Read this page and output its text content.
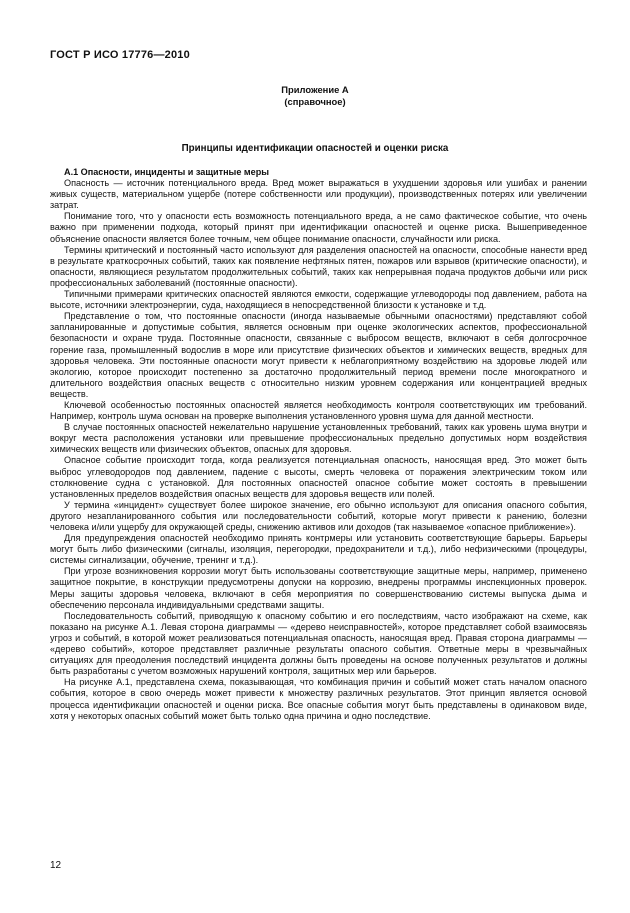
ГОСТ Р ИСО 17776—2010
Приложение А
(справочное)
Принципы идентификации опасностей и оценки риска

А.1 Опасности, инциденты и защитные меры

Опасность — источник потенциального вреда. Вред может выражаться в ухудшении здоровья или ушибах и ранении живых существ, материальном ущербе (потере собственности или продукции), производственных потерях или увеличении затрат.

Понимание того, что у опасности есть возможность потенциального вреда, а не само фактическое событие, что очень важно при применении подхода, который принят при идентификации опасностей и оценке риска. Вышеприведенное объяснение опасности является более точным, чем общее понимание опасности, случайности или риска.

Термины критический и постоянный часто используют для разделения опасностей на опасности, способные нанести вред в результате краткосрочных событий, таких как появление нефтяных пятен, пожаров или взрывов (критические опасности), и опасности, являющиеся результатом продолжительных событий, таких как непрерывная подача продуктов добычи или риск профессиональных заболеваний (постоянные опасности).

Типичными примерами критических опасностей являются емкости, содержащие углеводороды под давлением, работа на высоте, источники электроэнергии, суда, находящиеся в непосредственной близости к установке и т.д.

Представление о том, что постоянные опасности (иногда называемые обычными опасностями) представляют собой запланированные и допустимые события, является основным при оценке экологических аспектов, профессиональной безопасности и охране труда. Постоянные опасности, связанные с выбросом веществ, включают в себя долгосрочное горение газа, промышленный водослив в море или присутствие физических объектов и химических веществ, вредных для здоровья человека. Эти постоянные опасности могут привести к неблагоприятному воздействию на здоровье людей или экологию, которое происходит постепенно за достаточно продолжительный период времени после многократного и длительного воздействия опасных веществ с относительно низким уровнем содержания или концентрацией вредных веществ.

Ключевой особенностью постоянных опасностей является необходимость контроля соответствующих им требований. Например, контроль шума основан на проверке выполнения установленного уровня шума для данной местности.

В случае постоянных опасностей нежелательно нарушение установленных требований, таких как уровень шума внутри и вокруг места расположения установки или превышение профессиональных предельно допустимых норм воздействия химических веществ или физических объектов, опасных для здоровья.

Опасное событие происходит тогда, когда реализуется потенциальная опасность, наносящая вред. Это может быть выброс углеводородов под давлением, падение с высоты, смерть человека от поражения электрическим током или столкновение судна с установкой. Для постоянных опасностей опасное событие может состоять в превышении установленных пределов воздействия опасных веществ для здоровья веществ или полей.

У термина «инцидент» существует более широкое значение, его обычно используют для описания опасного события, другого незапланированного события или последовательности событий, которые могут привести к ранению, болезни человека и/или ущербу для окружающей среды, снижению активов или доходов (так называемое «опасное приближение»).

Для предупреждения опасностей необходимо принять контрмеры или установить соответствующие барьеры. Барьеры могут быть либо физическими (сигналы, изоляция, перегородки, предохранители и т.д.), либо нефизическими (процедуры, системы сигнализации, обучение, тренинг и т.д.).

При угрозе возникновения коррозии могут быть использованы соответствующие защитные меры, например, применено защитное покрытие, в конструкции предусмотрены допуски на коррозию, внедрены программы инспекционных проверок. Меры защиты здоровья человека, включают в себя мероприятия по совершенствованию системы выпуска дыма и обеспечению персонала индивидуальными средствами защиты.

Последовательность событий, приводящую к опасному событию и его последствиям, часто изображают на схеме, как показано на рисунке А.1. Левая сторона диаграммы — «дерево неисправностей», которое представляет собой взаимосвязь угроз и событий, в которой может реализоваться потенциальная опасность, наносящая вред. Правая сторона диаграммы — «дерево событий», которое представляет различные результаты опасного события. Ответные меры в чрезвычайных ситуациях для преодоления последствий инцидента должны быть проведены на основе полученных результатов и должны быть разработаны с учетом возможных нарушений контроля, защитных мер или барьеров.

На рисунке А.1, представлена схема, показывающая, что комбинация причин и событий может стать началом опасного события, которое в свою очередь может привести к множеству различных результатов. Этот принцип является основой процесса идентификации опасностей и оценки риска. Все опасные события могут быть представлены в одинаковом виде, хотя у некоторых опасных событий может быть только одна причина и одно последствие.

12
